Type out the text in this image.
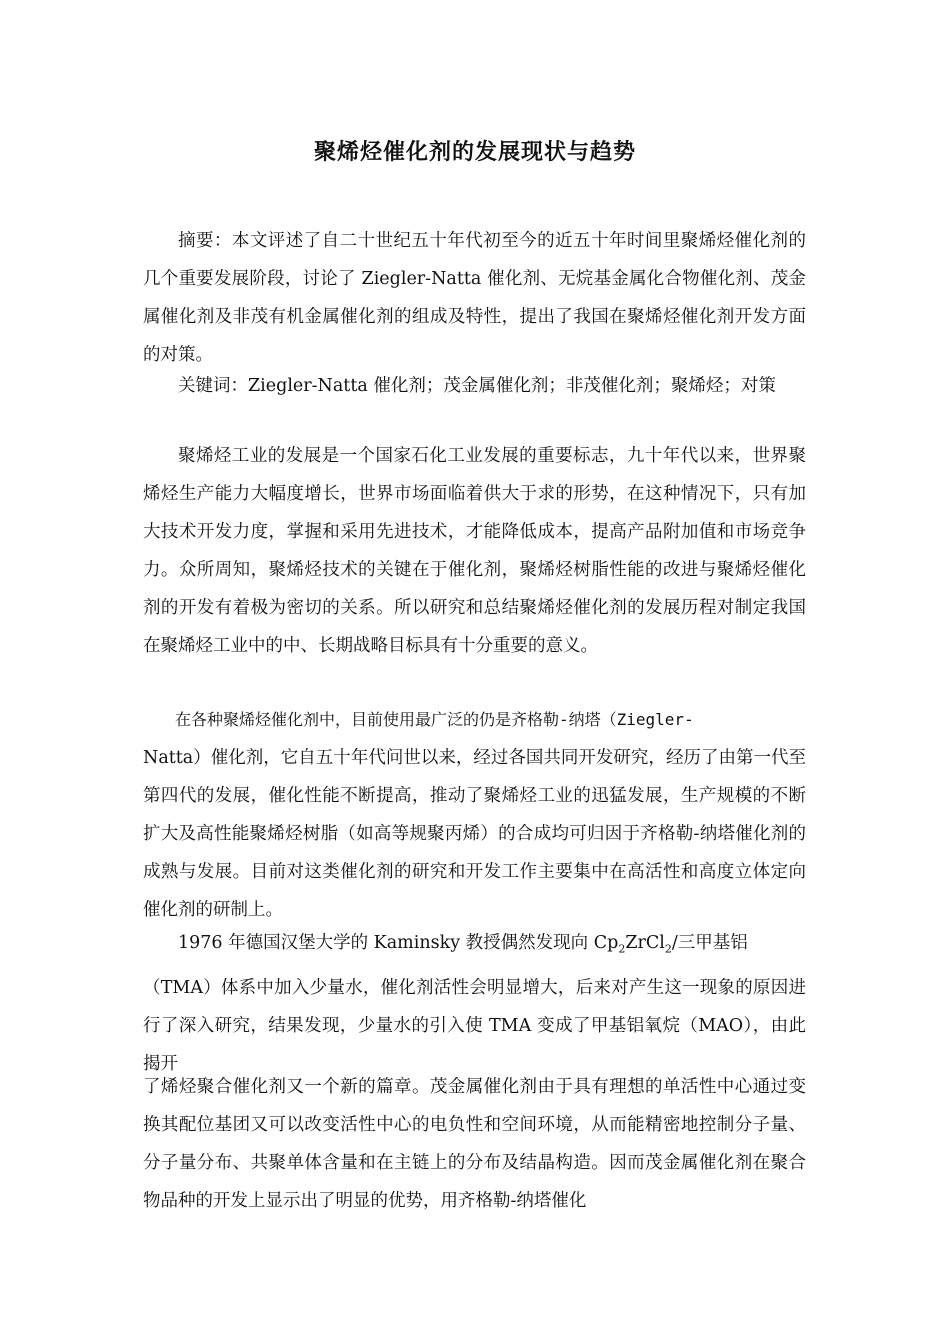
聚烯烃催化剂的发展现状与趋势
摘要：本文评述了自二十世纪五十年代初至今的近五十年时间里聚烯烃催化剂的几个重要发展阶段，讨论了 Ziegler-Natta 催化剂、无烷基金属化合物催化剂、茂金属催化剂及非茂有机金属催化剂的组成及特性，提出了我国在聚烯烃催化剂开发方面的对策。
关键词：Ziegler-Natta 催化剂；茂金属催化剂；非茂催化剂；聚烯烃；对策
聚烯烃工业的发展是一个国家石化工业发展的重要标志，九十年代以来，世界聚烯烃生产能力大幅度增长，世界市场面临着供大于求的形势，在这种情况下，只有加大技术开发力度，掌握和采用先进技术，才能降低成本，提高产品附加值和市场竞争力。众所周知，聚烯烃技术的关键在于催化剂，聚烯烃树脂性能的改进与聚烯烃催化剂的开发有着极为密切的关系。所以研究和总结聚烯烃催化剂的发展历程对制定我国在聚烯烃工业中的中、长期战略目标具有十分重要的意义。
在各种聚烯烃催化剂中，目前使用最广泛的仍是齐格勒-纳塔（Ziegler-
Natta）催化剂，它自五十年代问世以来，经过各国共同开发研究，经历了由第一代至第四代的发展，催化性能不断提高，推动了聚烯烃工业的迅猛发展，生产规模的不断扩大及高性能聚烯烃树脂（如高等规聚丙烯）的合成均可归因于齐格勒-纳塔催化剂的成熟与发展。目前对这类催化剂的研究和开发工作主要集中在高活性和高度立体定向催化剂的研制上。
1976 年德国汉堡大学的 Kaminsky 教授偶然发现向 $Cp_2ZrCl_2/$三甲基铝
（TMA）体系中加入少量水，催化剂活性会明显增大，后来对产生这一现象的原因进行了深入研究，结果发现，少量水的引入使 TMA 变成了甲基铝氧烷（MAO），由此揭开
了烯烃聚合催化剂又一个新的篇章。茂金属催化剂由于具有理想的单活性中心通过变换其配位基团又可以改变活性中心的电负性和空间环境，从而能精密地控制分子量、分子量分布、共聚单体含量和在主链上的分布及结晶构造。因而茂金属催化剂在聚合物品种的开发上显示出了明显的优势，用齐格勒-纳塔催化
